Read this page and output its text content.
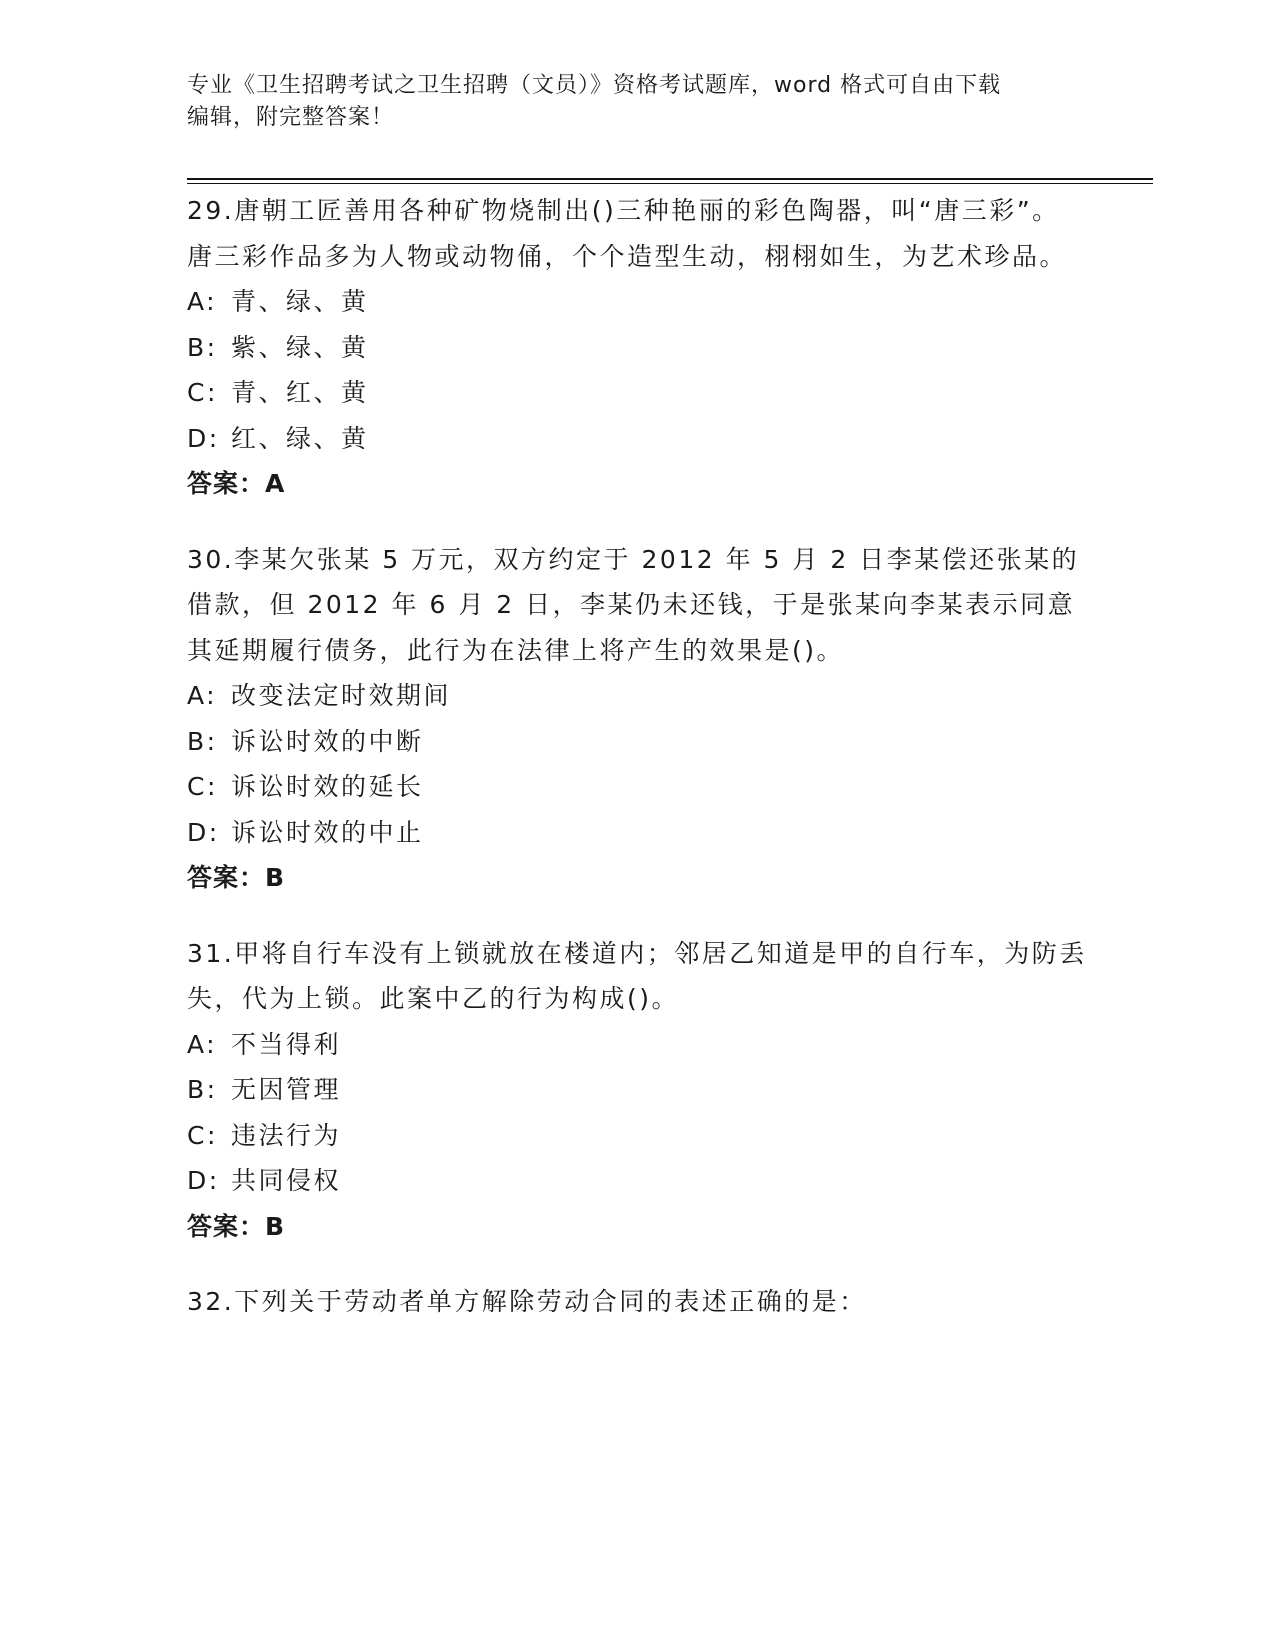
专业《卫生招聘考试之卫生招聘（文员）》资格考试题库，word 格式可自由下载
编辑，附完整答案！

29.唐朝工匠善用各种矿物烧制出()三种艳丽的彩色陶器，叫“唐三彩”。唐三彩作品多为人物或动物俑，个个造型生动，栩栩如生，为艺术珍品。

A: 青、绿、黄

B: 紫、绿、黄

C: 青、红、黄

D: 红、绿、黄

答案：A

30.李某欠张某 5 万元，双方约定于 2012 年 5 月 2 日李某偿还张某的借款，但 2012 年 6 月 2 日，李某仍未还钱，于是张某向李某表示同意其延期履行债务，此行为在法律上将产生的效果是()。

A: 改变法定时效期间

B: 诉讼时效的中断

C: 诉讼时效的延长

D: 诉讼时效的中止

答案：B

31.甲将自行车没有上锁就放在楼道内；邻居乙知道是甲的自行车，为防丢失，代为上锁。此案中乙的行为构成()。

A: 不当得利

B: 无因管理

C: 违法行为

D: 共同侵权

答案：B

32.下列关于劳动者单方解除劳动合同的表述正确的是：
